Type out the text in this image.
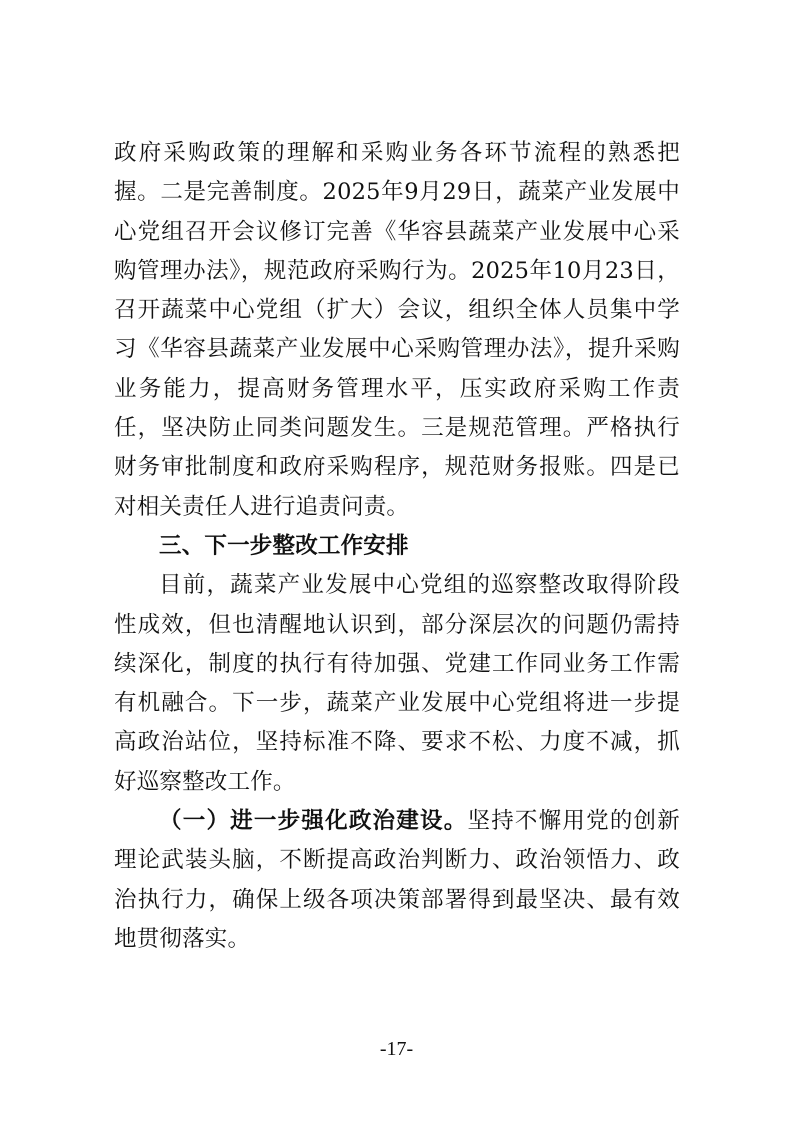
政府采购政策的理解和采购业务各环节流程的熟悉把握。二是完善制度。2025年9月29日，蔬菜产业发展中心党组召开会议修订完善《华容县蔬菜产业发展中心采购管理办法》，规范政府采购行为。2025年10月23日，召开蔬菜中心党组（扩大）会议，组织全体人员集中学习《华容县蔬菜产业发展中心采购管理办法》，提升采购业务能力，提高财务管理水平，压实政府采购工作责任，坚决防止同类问题发生。三是规范管理。严格执行财务审批制度和政府采购程序，规范财务报账。四是已对相关责任人进行追责问责。

三、下一步整改工作安排

目前，蔬菜产业发展中心党组的巡察整改取得阶段性成效，但也清醒地认识到，部分深层次的问题仍需持续深化，制度的执行有待加强、党建工作同业务工作需有机融合。下一步，蔬菜产业发展中心党组将进一步提高政治站位，坚持标准不降、要求不松、力度不减，抓好巡察整改工作。

（一）进一步强化政治建设。坚持不懈用党的创新理论武装头脑，不断提高政治判断力、政治领悟力、政治执行力，确保上级各项决策部署得到最坚决、最有效地贯彻落实。

-17-
